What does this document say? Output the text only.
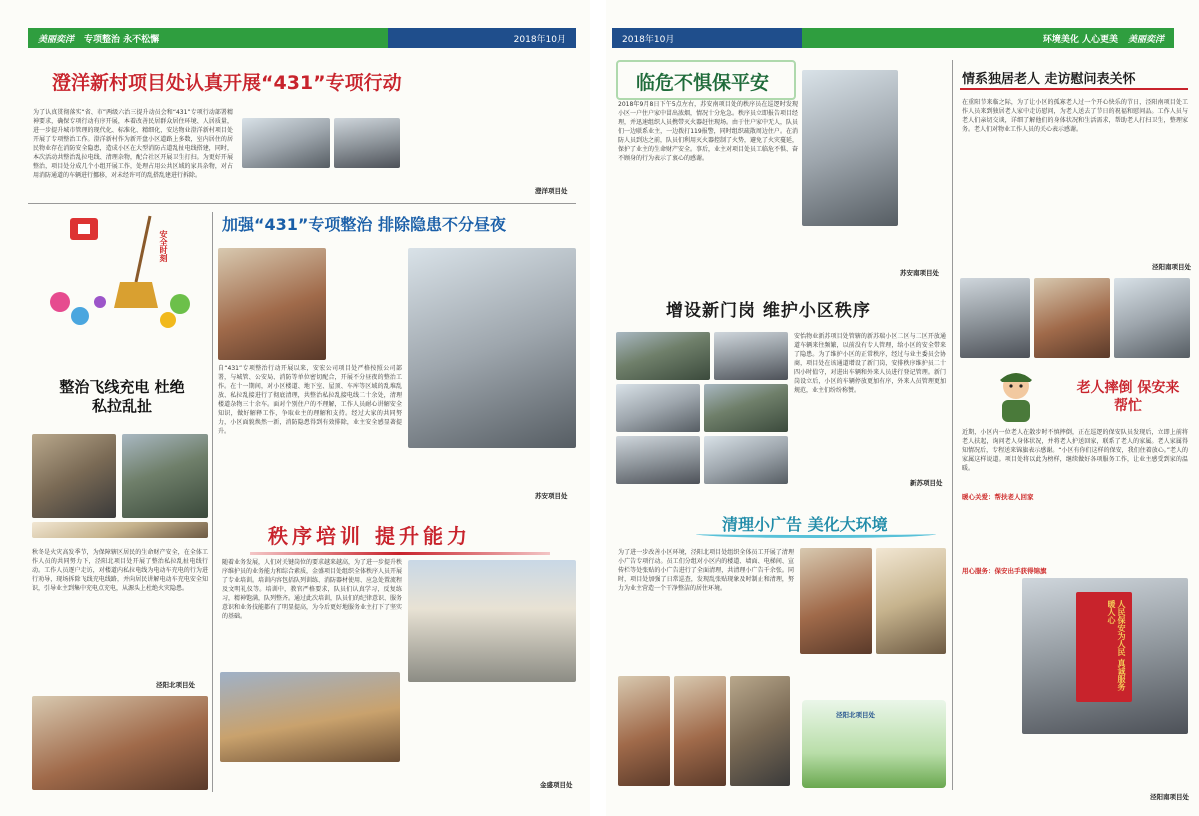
美丽奕洋 专项整治 永不松懈	2018年10月
澄洋新村项目处认真开展“431”专项行动
为了认真贯彻落实“省、市”两级六治三提升动员会和“431”专项行动部署精神要求，确保专项行动有序开展，本着改善民居群众居住环境、人居质量，进一步提升城市管理的现代化、标准化、精细化，安达物业澄洋新村项目处开展了专项整治工作。澄洋新村作为新开盘小区道路上多数，室内居住的居民物业存在消防安全隐患，造成小区在大型消防占道乱扯电线搭建，同时，本次活动共整治乱拉电线、清理杂物，配合社区开展卫生打扫。为更好开展整治，项目处分成几个小组开展工作，处理占用公共区域的家具杂物，对占用消防通道的车辆进行挪移，对未经许可的乱搭乱建进行拆除。
澄洋项目处
加强“431”专项整治 排除隐患不分昼夜
自“431”专项整治行动开展以来，安宏公司项目处严格按照公司部署，与城管、公安局、消防等单位密切配合，开展不分昼夜的整治工作。在十一期间，对小区楼道、地下室、屋顶、车库等区域的乱堆乱放、私拉乱接进行了彻底清理，共整治私拉乱接电线二十余处，清理楼道杂物三十余车。面对个别住户的不理解，工作人员耐心讲解安全知识，做好解释工作，争取业主的理解和支持。经过大家的共同努力，小区面貌焕然一新，消防隐患得到有效排除，业主安全感显著提升。
苏安项目处
安全时刻
整治飞线充电 杜绝私拉乱扯
秋冬是火灾高发季节，为保障辖区居民的生命财产安全，在全体工作人员的共同努力下，泾阳北项目处开展了整治私拉乱扯电线行动。工作人员逐户走访，对楼道内私拉电线为电动车充电的行为进行劝导，现场拆除飞线充电线路，并向居民讲解电动车充电安全知识，引导业主到集中充电点充电，从源头上杜绝火灾隐患。
泾阳北项目处
秩序培训 提升能力
随着业务发展，人们对关键岗位的要求越来越高，为了进一步提升秩序维护员的业务能力和综合素质，金盛项目处组织全体秩序人员开展了专业培训。培训内容包括队列训练、消防器材使用、应急处置流程及文明礼仪等。培训中，教官严格要求，队员们认真学习，反复练习，精神饱满，队列整齐。通过此次培训，队员们的纪律意识、服务意识和业务技能都有了明显提高，为今后更好地服务业主打下了坚实的基础。
金盛项目处
2018年10月	环境美化 人心更美 美丽奕洋
临危不惧保平安
2018年9月8日下午5点左右，苏安南项目处的秩序员在巡逻时发现小区一户住户家中冒出浓烟，情况十分危急。秩序员立即报告项目经理，并迅速组织人员携带灭火器赶往现场。由于住户家中无人，队员们一边联系业主，一边拨打119报警，同时组织疏散周边住户。在消防人员到达之前，队员们利用灭火器控制了火势，避免了火灾蔓延，保护了业主的生命财产安全。事后，业主对项目处员工临危不惧、奋不顾身的行为表示了衷心的感谢。
苏安南项目处
增设新门岗 维护小区秩序
安怡物业新苏项目处管辖的新苏瑞小区二区与二区开放通道车辆来往频繁，以前没有专人管理，给小区的安全带来了隐患。为了维护小区的正常秩序，经过与业主委员会协商，项目处在该通道增设了新门岗，安排秩序维护员二十四小时值守，对进出车辆和外来人员进行登记管理。新门岗设立后，小区的车辆停放更加有序，外来人员管理更加规范，业主们纷纷称赞。
新苏项目处
清理小广告 美化大环境
为了进一步改善小区环境，泾阳北项目处组织全体员工开展了清理小广告专项行动。员工们分组对小区内的楼道、墙面、电梯间、宣传栏等处张贴的小广告进行了全面清理，共清理小广告千余张。同时，项目处加强了日常巡查，发现乱张贴现象及时制止和清理，努力为业主营造一个干净整洁的居住环境。
泾阳北项目处
情系独居老人 走访慰问表关怀
在重阳节来临之际，为了让小区的孤寡老人过一个开心快乐的节日，泾阳南项目处工作人员来到独居老人家中走访慰问，为老人送去了节日的祝福和慰问品。工作人员与老人们亲切交谈，详细了解他们的身体状况和生活需求，帮助老人打扫卫生，整理家务。老人们对物业工作人员的关心表示感谢。
泾阳南项目处
老人摔倒 保安来帮忙
近期，小区内一位老人在散步时不慎摔倒，正在巡逻的保安队员发现后，立即上前将老人扶起，询问老人身体状况，并将老人护送回家，联系了老人的家属。老人家属得知情况后，专程送来锦旗表示感谢。“小区有你们这样的保安，我们住着放心。”老人的家属这样说道。项目处将以此为榜样，继续做好各项服务工作，让业主感受到家的温暖。
暖心关爱：帮扶老人回家
用心服务：保安出手获得锦旗
人民保安为人民 真诚服务暖人心
泾阳南项目处
